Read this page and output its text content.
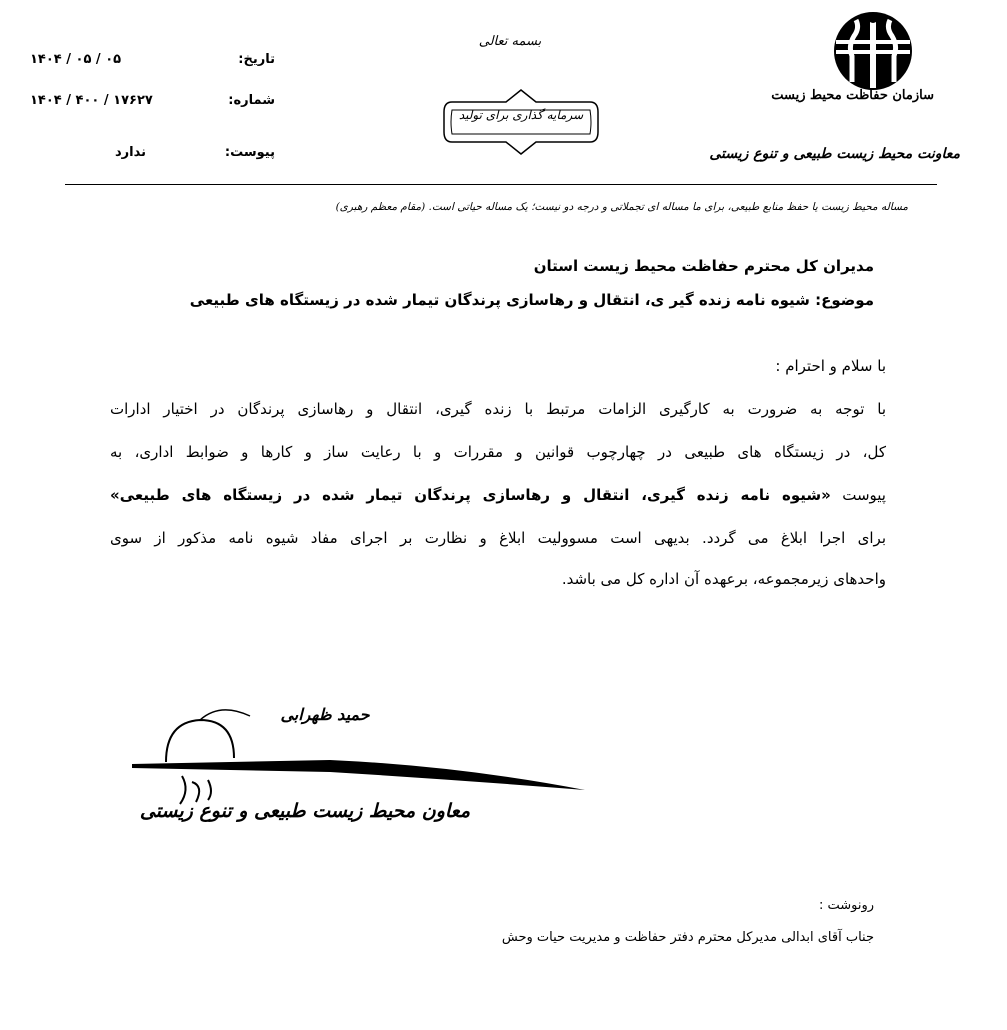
سازمان حفاظت محیط زیست
معاونت محیط زیست طبیعی و تنوع زیستی
بسمه تعالی
سرمایه گذاری برای تولید
تاریخ:
۱۴۰۴ / ۰۵ / ۰۵
شماره:
۱۴۰۴ / ۴۰۰ / ۱۷۶۲۷
پیوست:
ندارد
مساله محیط زیست یا حفظ منابع طبیعی، برای ما مساله ای تجملاتی و درجه دو نیست؛ یک مساله حیاتی است. (مقام معظم رهبری)
مدیران کل محترم حفاظت محیط زیست استان
موضوع: شیوه نامه زنده گیر ی، انتقال و رهاسازی پرندگان تیمار شده در زیستگاه های طبیعی
با سلام و احترام :
با توجه به ضرورت به کارگیری الزامات مرتبط با زنده گیری، انتقال و رهاسازی پرندگان در اختیار ادارات
کل، در زیستگاه های طبیعی در چهارچوب قوانین و مقررات و با رعایت ساز و کارها و ضوابط اداری، به
پیوست «شیوه نامه زنده گیری، انتقال و رهاسازی پرندگان تیمار شده در زیستگاه های طبیعی»
برای اجرا ابلاغ می گردد. بدیهی است مسوولیت ابلاغ و نظارت بر اجرای مفاد شیوه نامه مذکور از سوی
واحدهای زیرمجموعه، برعهده آن اداره کل می باشد.
حمید ظهرابی
معاون محیط زیست طبیعی و تنوع زیستی
رونوشت :
جناب آقای ابدالی مدیرکل محترم دفتر حفاظت و مدیریت حیات وحش
